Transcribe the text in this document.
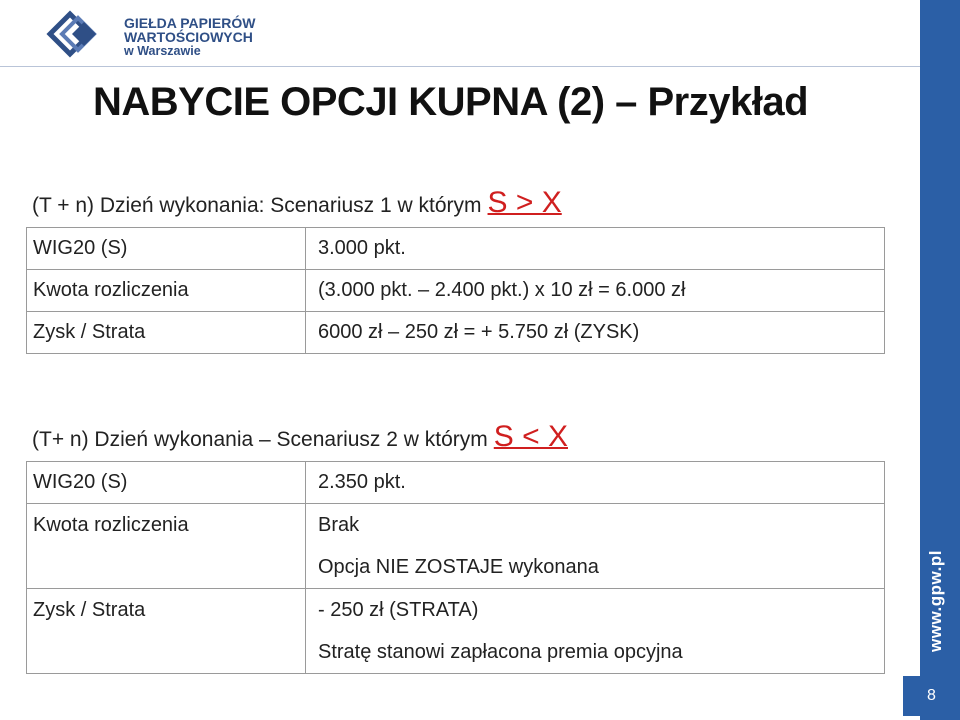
GIEŁDA PAPIERÓW
WARTOŚCIOWYCH
w Warszawie
www.gpw.pl
8
NABYCIE OPCJI KUPNA (2) – Przykład
(T + n) Dzień wykonania: Scenariusz 1 w którym S > X
WIG20 (S)	3.000 pkt.
Kwota rozliczenia	(3.000 pkt. – 2.400 pkt.) x 10 zł = 6.000 zł
Zysk / Strata	6000 zł – 250 zł = + 5.750 zł (ZYSK)
(T+ n) Dzień wykonania – Scenariusz 2 w którym S < X
WIG20 (S)	2.350 pkt.

Kwota rozliczenia	Brak
Opcja NIE ZOSTAJE wykonana

Zysk / Strata	- 250 zł (STRATA)
Stratę stanowi zapłacona premia opcyjna
